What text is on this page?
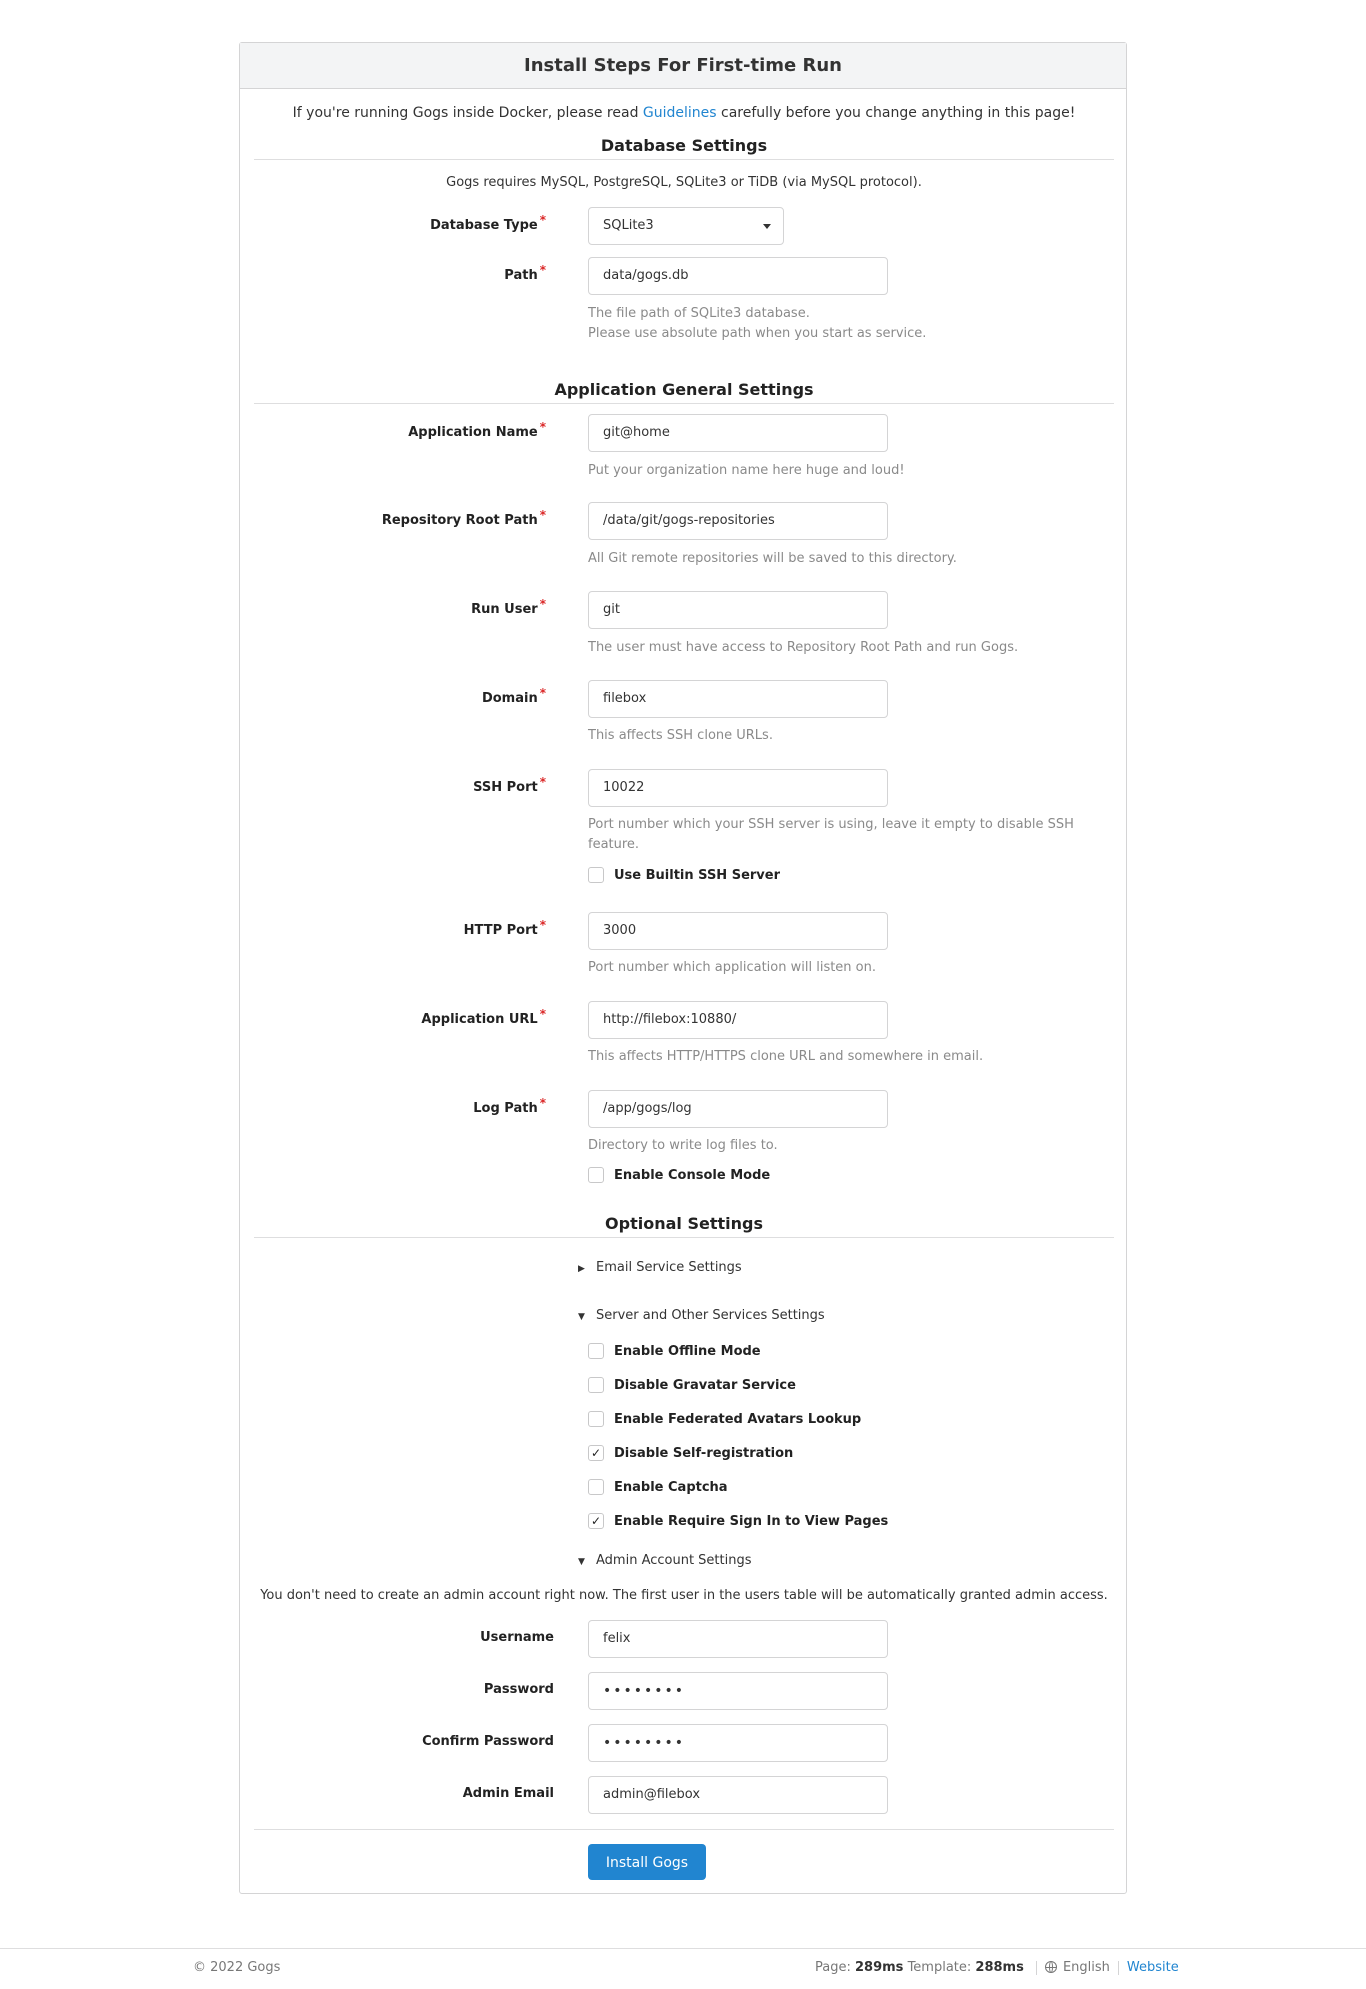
Install Steps For First-time Run
If you're running Gogs inside Docker, please read Guidelines carefully before you change anything in this page!
Database Settings
Gogs requires MySQL, PostgreSQL, SQLite3 or TiDB (via MySQL protocol).
Database Type *	SQLite3
Path *	data/gogs.db
The file path of SQLite3 database.
Please use absolute path when you start as service.
Application General Settings
Application Name *	git@home
Put your organization name here huge and loud!
Repository Root Path *	/data/git/gogs-repositories
All Git remote repositories will be saved to this directory.
Run User *	git
The user must have access to Repository Root Path and run Gogs.
Domain *	filebox
This affects SSH clone URLs.
SSH Port *	10022
Port number which your SSH server is using, leave it empty to disable SSH feature.
Use Builtin SSH Server
HTTP Port *	3000
Port number which application will listen on.
Application URL *	http://filebox:10880/
This affects HTTP/HTTPS clone URL and somewhere in email.
Log Path *	/app/gogs/log
Directory to write log files to.
Enable Console Mode
Optional Settings
▶ Email Service Settings
▼ Server and Other Services Settings
Enable Offline Mode
Disable Gravatar Service
Enable Federated Avatars Lookup
✓ Disable Self-registration
Enable Captcha
✓ Enable Require Sign In to View Pages
▼ Admin Account Settings
You don't need to create an admin account right now. The first user in the users table will be automatically granted admin access.
Username	felix
Password	••••••••
Confirm Password	••••••••
Admin Email	admin@filebox
Install Gogs
© 2022 Gogs	Page: 289ms Template: 288ms	English Website
